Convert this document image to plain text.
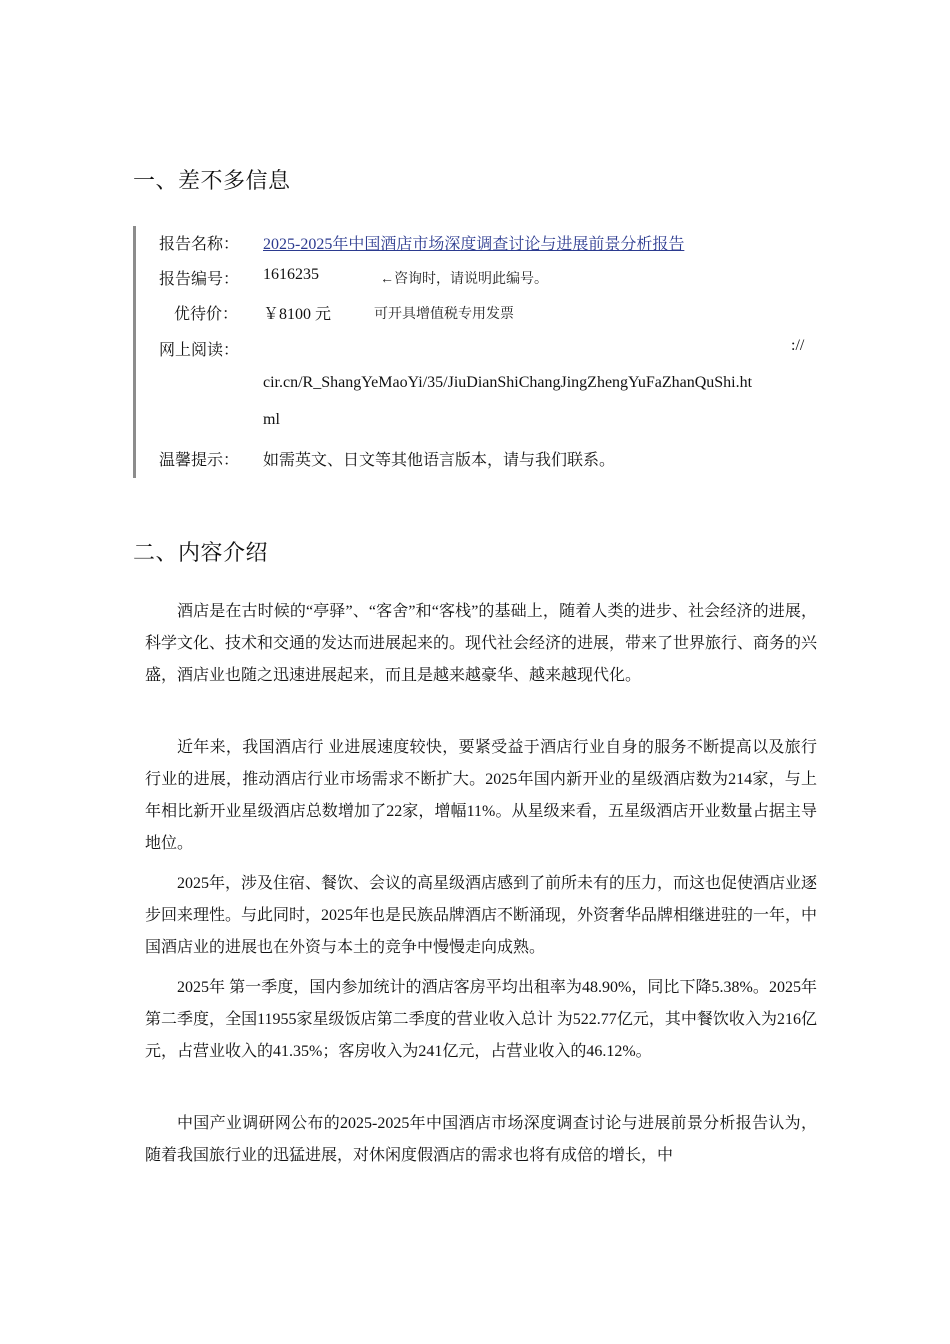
一、差不多信息
报告名称：	2025-2025年中国酒店市场深度调查讨论与进展前景分析报告
报告编号：	1616235	←咨询时，请说明此编号。
优待价：	￥8100 元	可开具增值税专用发票
网上阅读：	://
cir.cn/R_ShangYeMaoYi/35/JiuDianShiChangJingZhengYuFaZhanQuShi.ht
ml
温馨提示：	如需英文、日文等其他语言版本，请与我们联系。
二、内容介绍

酒店是在古时候的“亭驿”、“客舍”和“客栈”的基础上，随着人类的进步、社会经济的进展，科学文化、技术和交通的发达而进展起来的。现代社会经济的进展，带来了世界旅行、商务的兴盛，酒店业也随之迅速进展起来，而且是越来越豪华、越来越现代化。

近年来，我国酒店行 业进展速度较快，要紧受益于酒店行业自身的服务不断提高以及旅行行业的进展，推动酒店行业市场需求不断扩大。2025年国内新开业的星级酒店数为214家，与上年相比新开业星级酒店总数增加了22家，增幅11%。从星级来看，五星级酒店开业数量占据主导地位。

2025年，涉及住宿、餐饮、会议的高星级酒店感到了前所未有的压力，而这也促使酒店业逐步回来理性。与此同时，2025年也是民族品牌酒店不断涌现，外资奢华品牌相继进驻的一年，中国酒店业的进展也在外资与本土的竞争中慢慢走向成熟。

2025年 第一季度，国内参加统计的酒店客房平均出租率为48.90%，同比下降5.38%。2025年第二季度，全国11955家星级饭店第二季度的营业收入总计 为522.77亿元，其中餐饮收入为216亿元，占营业收入的41.35%；客房收入为241亿元，占营业收入的46.12%。

中国产业调研网公布的2025-2025年中国酒店市场深度调查讨论与进展前景分析报告认为，随着我国旅行业的迅猛进展，对休闲度假酒店的需求也将有成倍的增长，中
